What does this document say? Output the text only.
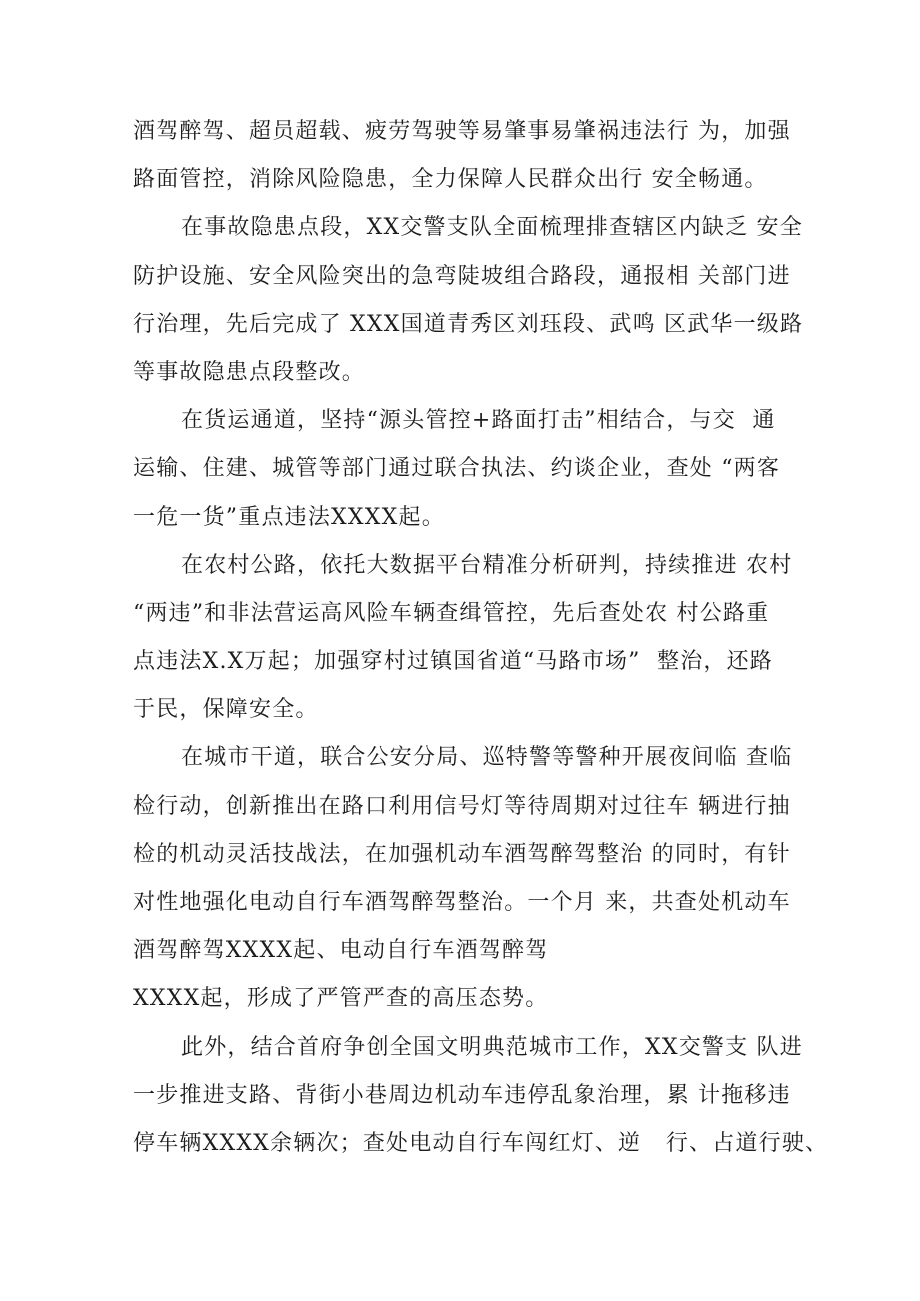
酒驾醉驾、超员超载、疲劳驾驶等易肇事易肇祸违法行 为，加强
路面管控，消除风险隐患，全力保障人民群众出行 安全畅通。
在事故隐患点段，XX交警支队全面梳理排查辖区内缺乏 安全
防护设施、安全风险突出的急弯陡坡组合路段，通报相 关部门进
行治理，先后完成了 XXX国道青秀区刘珏段、武鸣 区武华一级路
等事故隐患点段整改。
在货运通道，坚持“源头管控+路面打击”相结合，与交  通
运输、住建、城管等部门通过联合执法、约谈企业，查处 “两客
一危一货”重点违法XXXX起。
在农村公路，依托大数据平台精准分析研判，持续推进 农村
“两违”和非法营运高风险车辆查缉管控，先后查处农 村公路重
点违法X.X万起；加强穿村过镇国省道“马路市场”  整治，还路
于民，保障安全。
在城市干道，联合公安分局、巡特警等警种开展夜间临 查临
检行动，创新推出在路口利用信号灯等待周期对过往车 辆进行抽
检的机动灵活技战法，在加强机动车酒驾醉驾整治 的同时，有针
对性地强化电动自行车酒驾醉驾整治。一个月 来，共查处机动车
酒驾醉驾XXXX起、电动自行车酒驾醉驾
XXXX起，形成了严管严查的高压态势。
此外，结合首府争创全国文明典范城市工作，XX交警支 队进
一步推进支路、背街小巷周边机动车违停乱象治理，累 计拖移违
停车辆XXXX余辆次；查处电动自行车闯红灯、逆   行、占道行驶、
